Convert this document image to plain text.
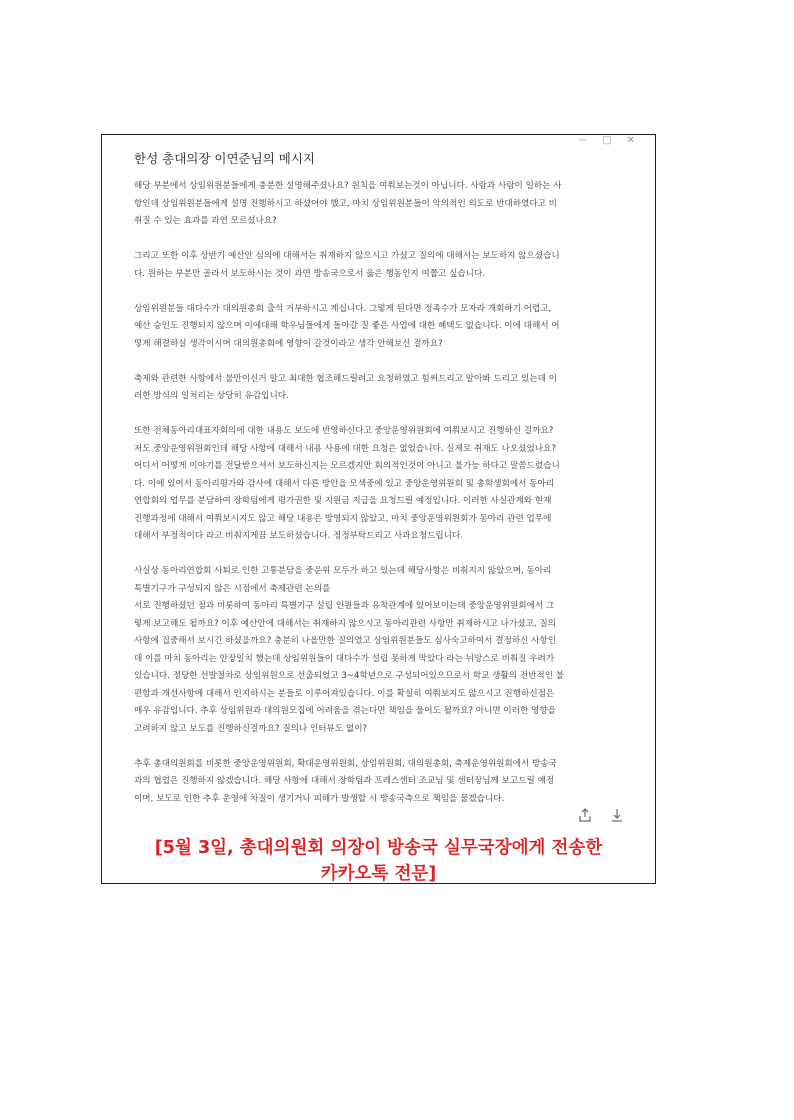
− □ ✕
한성 총대의장 이연준님의 메시지
해당 부분에서 상임위원분들에게 충분한 설명해주셨나요? 원칙을 여쭤보는것이 아닙니다. 사람과 사람이 일하는 사
항인데 상임위원분들에게 설명 진행하시고 하셨어야 했고, 마치 상임위원분들이 악의적인 의도로 반대하였다고 비
취질 수 있는 효과를 과연 모르셨나요?
그리고 또한 이후 상반기 예산안 심의에 대해서는 취재하지 않으시고 가셨고 질의에 대해서는 보도하지 않으셨습니
다. 원하는 부분만 골라서 보도하시는 것이 과연 방송국으로서 옳은 행동인지 여쭙고 싶습니다.
상임위원분들 대다수가 대의원총회 출석 거부하시고 계십니다. 그렇게 된다면 정족수가 모자라 개회하기 어렵고,
예산 승인도 진행되지 않으며 이에대해 학우님들에게 돌아갈 질 좋은 사업에 대한 혜택도 없습니다. 이에 대해서 어
떻게 해결하실 생각이시며 대의원총회에 영향이 갈것이라고 생각 안해보신 걸까요?
축제와 관련한 사항에서 불만이신거 알고 최대한 협조해드릴려고 요청하였고 힘써드리고 알아봐 드리고 있는데 이
러한 방식의 일처리는 상당히 유감입니다.
또한 전체동아리대표자회의에 대한 내용도 보도에 반영하신다고 중앙운영위원회에 여쭤보시고 진행하신 걸까요?
저도 중앙운영위원회인데 해당 사항에 대해서 내용 사용에 대한 요청은 없었습니다. 실제로 취재도 나오셨었나요?
어디서 어떻게 이야기를 전달받으셔서 보도하신지는 모르겠지만 회의적인것이 아니고 불가능 하다고 말씀드렸습니
다. 이에 있어서 동아리평가와 감사에 대해서 다른 방안을 모색중에 있고 중앙운영위원회 및 총학생회에서 동아리
연합회의 업무를 분담하여 장학팀에게 평가권한 및 지원금 지급을 요청드릴 예정입니다. 이러한 사실관계와 현재
진행과정에 대해서 여쭤보시지도 않고 해당 내용은 방영되지 않았고, 마치 중앙운영위원회가 동아리 관련 업무에
대해서 부정적이다 라고 비춰지게끔 보도하셨습니다. 정정부탁드리고 사과요청드립니다.
사실상 동아리연합회 사퇴로 인한 고통분담을 중운위 모두가 하고 있는데 해당사항은 비춰지지 않았으며, 동아리
특별기구가 구성되지 않은 시점에서 축제관련 논의를
서로 진행하셨던 점과 비롯하여 동아리 특별기구 설립 인원들과 유착관계에 있어보이는데 중앙운영위원회에서 그
렇게 보고해도 될까요? 이후 예산안에 대해서는 취재하지 않으시고 동아리관련 사항만 취재하시고 나가셨고, 질의
사항에 집중해서 보시긴 하셨을까요? 충분히 나올만한 질의였고 상임위원분들도 심사숙고하여서 결정하신 사항인
데 이를 마치 동아리는 안장일치 했는데 상임위원들이 대다수가 설립 못하게 막았다 라는 뉘앙스로 비춰질 우려가
있습니다. 정당한 선발절차로 상임위원으로 선출되었고 3~4학년으로 구성되어있으므로서 학교 생활의 전반적인 불
편함과 개선사항에 대해서 인지하시는 분들로 이루어져있습니다. 이를 확실히 여쭤보지도 않으시고 진행하신점은
매우 유감입니다. 추후 상임위원과 대의원모집에 어려움을 겪는다면 책임을 물어도 될까요? 아니면 이러한 영향을
고려하지 않고 보도를 진행하신걸까요? 질의나 인터뷰도 없이?
추후 총대의원회를 비롯한 중앙운영위원회, 확대운영위원회, 상임위원회, 대의원총회, 축제운영위원회에서 방송국
과의 협업은 진행하지 않겠습니다. 해당 사항에 대해서 장학팀과 프레스센터 조교님 및 센터장님께 보고드릴 예정
이며, 보도로 인한 추후 운영에 차질이 생기거나 피해가 발생할 시 방송국측으로 책임을 물겠습니다.
[5월 3일, 총대의원회 의장이 방송국 실무국장에게 전송한
카카오톡 전문]
